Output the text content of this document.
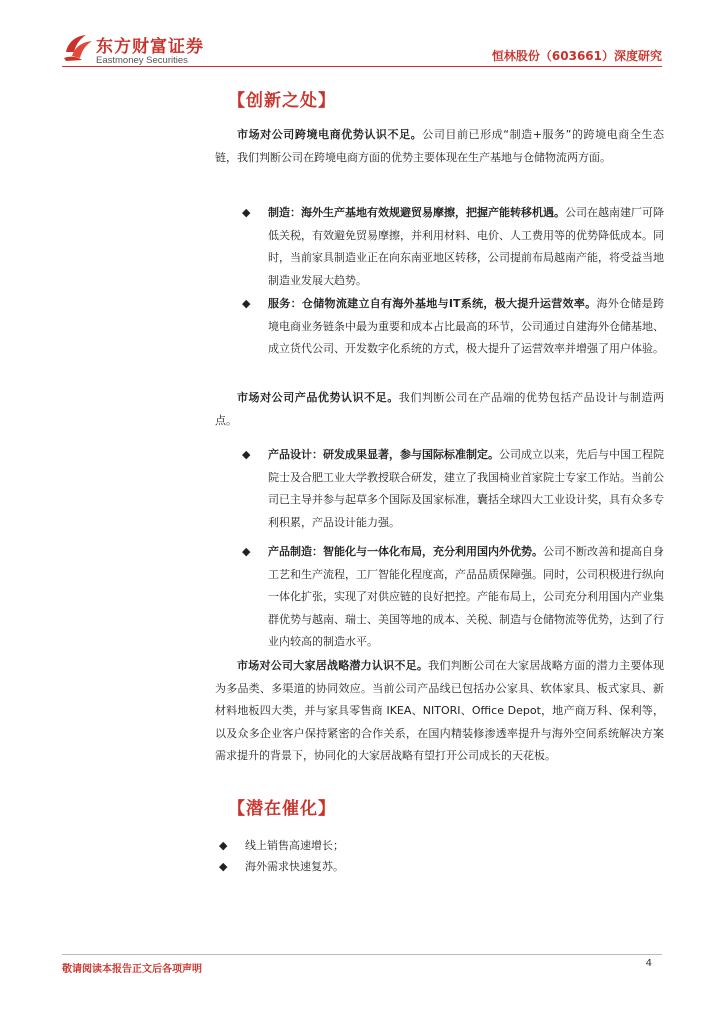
东方财富证券
Eastmoney Securities	恒林股份（603661）深度研究
【创新之处】
市场对公司跨境电商优势认识不足。公司目前已形成“制造+服务”的跨境电商全生态链，我们判断公司在跨境电商方面的优势主要体现在生产基地与仓储物流两方面。
◆	制造：海外生产基地有效规避贸易摩擦，把握产能转移机遇。公司在越南建厂可降低关税，有效避免贸易摩擦，并利用材料、电价、人工费用等的优势降低成本。同时，当前家具制造业正在向东南亚地区转移，公司提前布局越南产能，将受益当地制造业发展大趋势。
◆	服务：仓储物流建立自有海外基地与IT系统，极大提升运营效率。海外仓储是跨境电商业务链条中最为重要和成本占比最高的环节，公司通过自建海外仓储基地、成立货代公司、开发数字化系统的方式，极大提升了运营效率并增强了用户体验。
市场对公司产品优势认识不足。我们判断公司在产品端的优势包括产品设计与制造两点。
◆	产品设计：研发成果显著，参与国际标准制定。公司成立以来，先后与中国工程院院士及合肥工业大学教授联合研发，建立了我国椅业首家院士专家工作站。当前公司已主导并参与起草多个国际及国家标准，囊括全球四大工业设计奖，具有众多专利积累，产品设计能力强。
◆	产品制造：智能化与一体化布局，充分利用国内外优势。公司不断改善和提高自身工艺和生产流程，工厂智能化程度高，产品品质保障强。同时，公司积极进行纵向一体化扩张，实现了对供应链的良好把控。产能布局上，公司充分利用国内产业集群优势与越南、瑞士、美国等地的成本、关税、制造与仓储物流等优势，达到了行业内较高的制造水平。
市场对公司大家居战略潜力认识不足。我们判断公司在大家居战略方面的潜力主要体现为多品类、多渠道的协同效应。当前公司产品线已包括办公家具、软体家具、板式家具、新材料地板四大类，并与家具零售商 IKEA、NITORI、Office Depot，地产商万科、保利等，以及众多企业客户保持紧密的合作关系，在国内精装修渗透率提升与海外空间系统解决方案需求提升的背景下，协同化的大家居战略有望打开公司成长的天花板。
【潜在催化】
◆ 线上销售高速增长；
◆ 海外需求快速复苏。
敬请阅读本报告正文后各项声明
4
